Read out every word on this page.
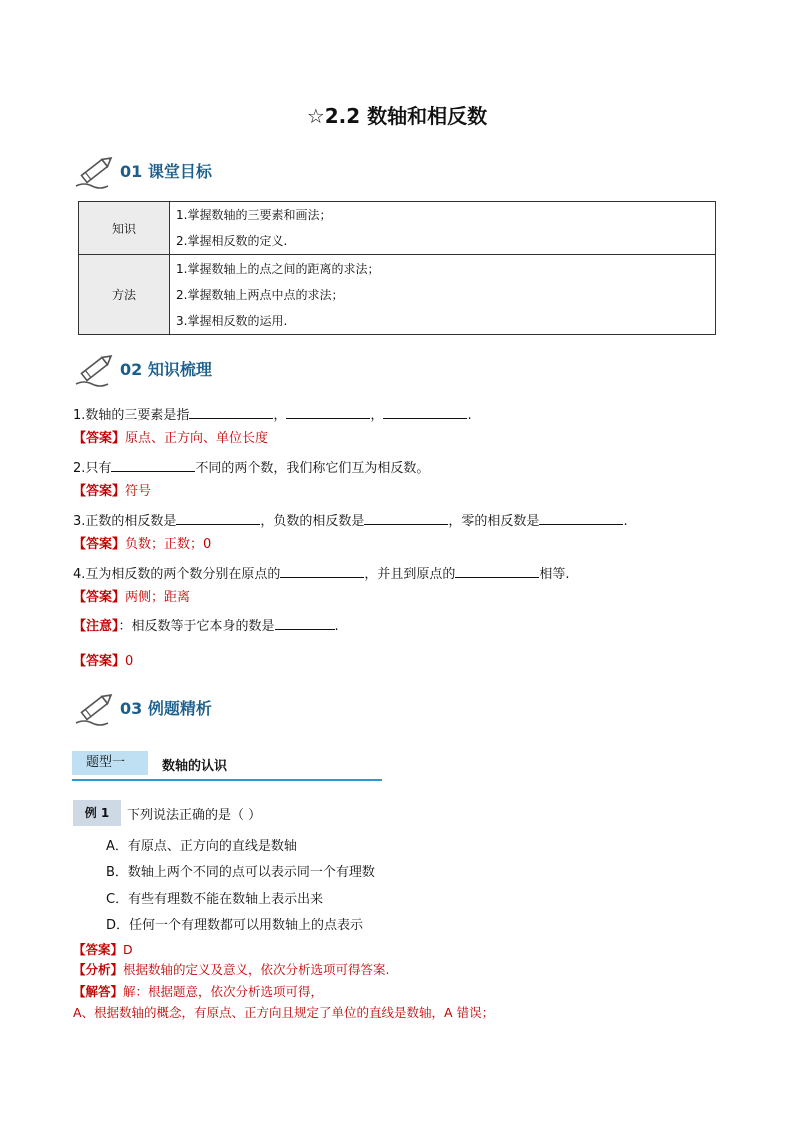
☆2.2 数轴和相反数
01 课堂目标
知识	1.掌握数轴的三要素和画法；
2.掌握相反数的定义.

方法	1.掌握数轴上的点之间的距离的求法；
2.掌握数轴上两点中点的求法；
3.掌握相反数的运用.
02 知识梳理
1.数轴的三要素是指	，	，	.
【答案】原点、正方向、单位长度
2.只有	不同的两个数，我们称它们互为相反数。
【答案】符号
3.正数的相反数是	，负数的相反数是	，零的相反数是	.
【答案】负数；正数；0
4.互为相反数的两个数分别在原点的	，并且到原点的	相等.
【答案】两侧；距离
【注意】：相反数等于它本身的数是	.
【答案】0
03 例题精析
题型一	数轴的认识
例 1	下列说法正确的是（ ）
A．有原点、正方向的直线是数轴
B．数轴上两个不同的点可以表示同一个有理数
C．有些有理数不能在数轴上表示出来
D．任何一个有理数都可以用数轴上的点表示
【答案】D
【分析】根据数轴的定义及意义，依次分析选项可得答案.
【解答】解：根据题意，依次分析选项可得，
A、根据数轴的概念，有原点、正方向且规定了单位的直线是数轴，A 错误；
